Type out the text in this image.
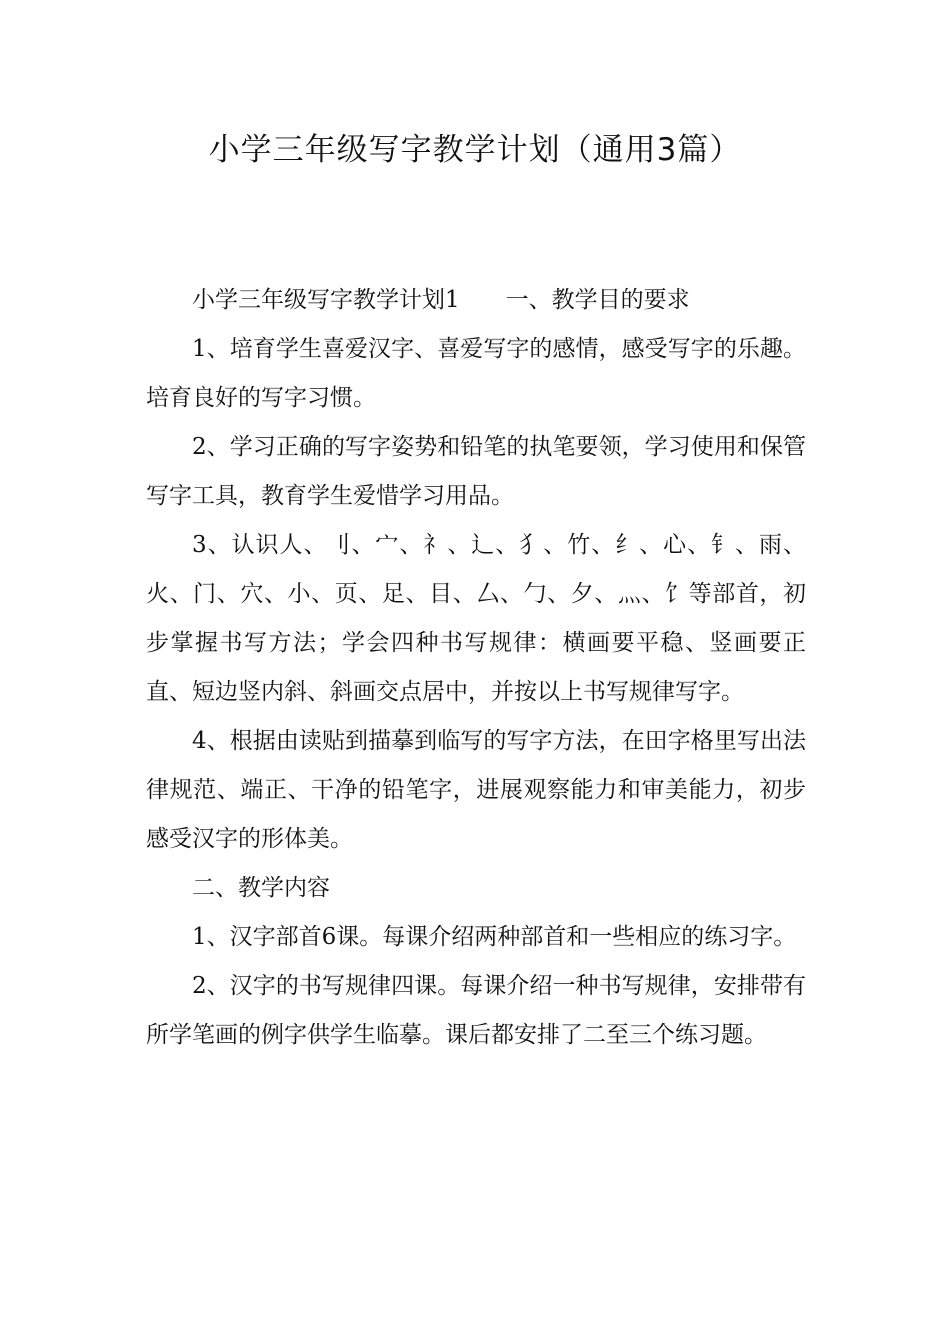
小学三年级写字教学计划（通用3篇）

小学三年级写字教学计划1　　一、教学目的要求

1、培育学生喜爱汉字、喜爱写字的感情，感受写字的乐趣。培育良好的写字习惯。

2、学习正确的写字姿势和铅笔的执笔要领，学习使用和保管写字工具，教育学生爱惜学习用品。

3、认识人、刂、宀、礻、辶、犭、竹、纟、心、钅、雨、火、门、穴、小、页、足、目、厶、勹、夕、灬、饣等部首，初步掌握书写方法；学会四种书写规律：横画要平稳、竖画要正直、短边竖内斜、斜画交点居中，并按以上书写规律写字。

4、根据由读贴到描摹到临写的写字方法，在田字格里写出法律规范、端正、干净的铅笔字，进展观察能力和审美能力，初步感受汉字的形体美。

二、教学内容

1、汉字部首6课。每课介绍两种部首和一些相应的练习字。

2、汉字的书写规律四课。每课介绍一种书写规律，安排带有所学笔画的例字供学生临摹。课后都安排了二至三个练习题。
